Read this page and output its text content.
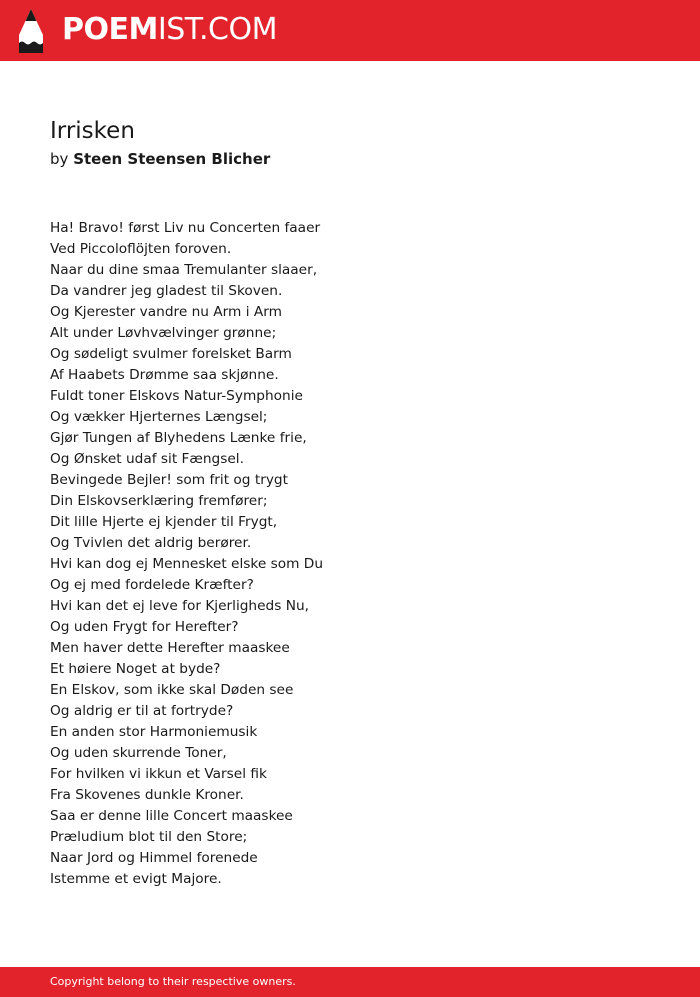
POEMIST.COM
Irrisken
by Steen Steensen Blicher
Ha! Bravo! først Liv nu Concerten faaer
Ved Piccoloflöjten foroven.
Naar du dine smaa Tremulanter slaaer,
Da vandrer jeg gladest til Skoven.
Og Kjerester vandre nu Arm i Arm
Alt under Løvhvælvinger grønne;
Og sødeligt svulmer forelsket Barm
Af Haabets Drømme saa skjønne.
Fuldt toner Elskovs Natur-Symphonie
Og vækker Hjerternes Længsel;
Gjør Tungen af Blyhedens Lænke frie,
Og Ønsket udaf sit Fængsel.
Bevingede Bejler! som frit og trygt
Din Elskovserklæring fremfører;
Dit lille Hjerte ej kjender til Frygt,
Og Tvivlen det aldrig berører.
Hvi kan dog ej Mennesket elske som Du
Og ej med fordelede Kræfter?
Hvi kan det ej leve for Kjerligheds Nu,
Og uden Frygt for Herefter?
Men haver dette Herefter maaskee
Et høiere Noget at byde?
En Elskov, som ikke skal Døden see
Og aldrig er til at fortryde?
En anden stor Harmoniemusik
Og uden skurrende Toner,
For hvilken vi ikkun et Varsel fik
Fra Skovenes dunkle Kroner.
Saa er denne lille Concert maaskee
Præludium blot til den Store;
Naar Jord og Himmel forenede
Istemme et evigt Majore.
Copyright belong to their respective owners.
